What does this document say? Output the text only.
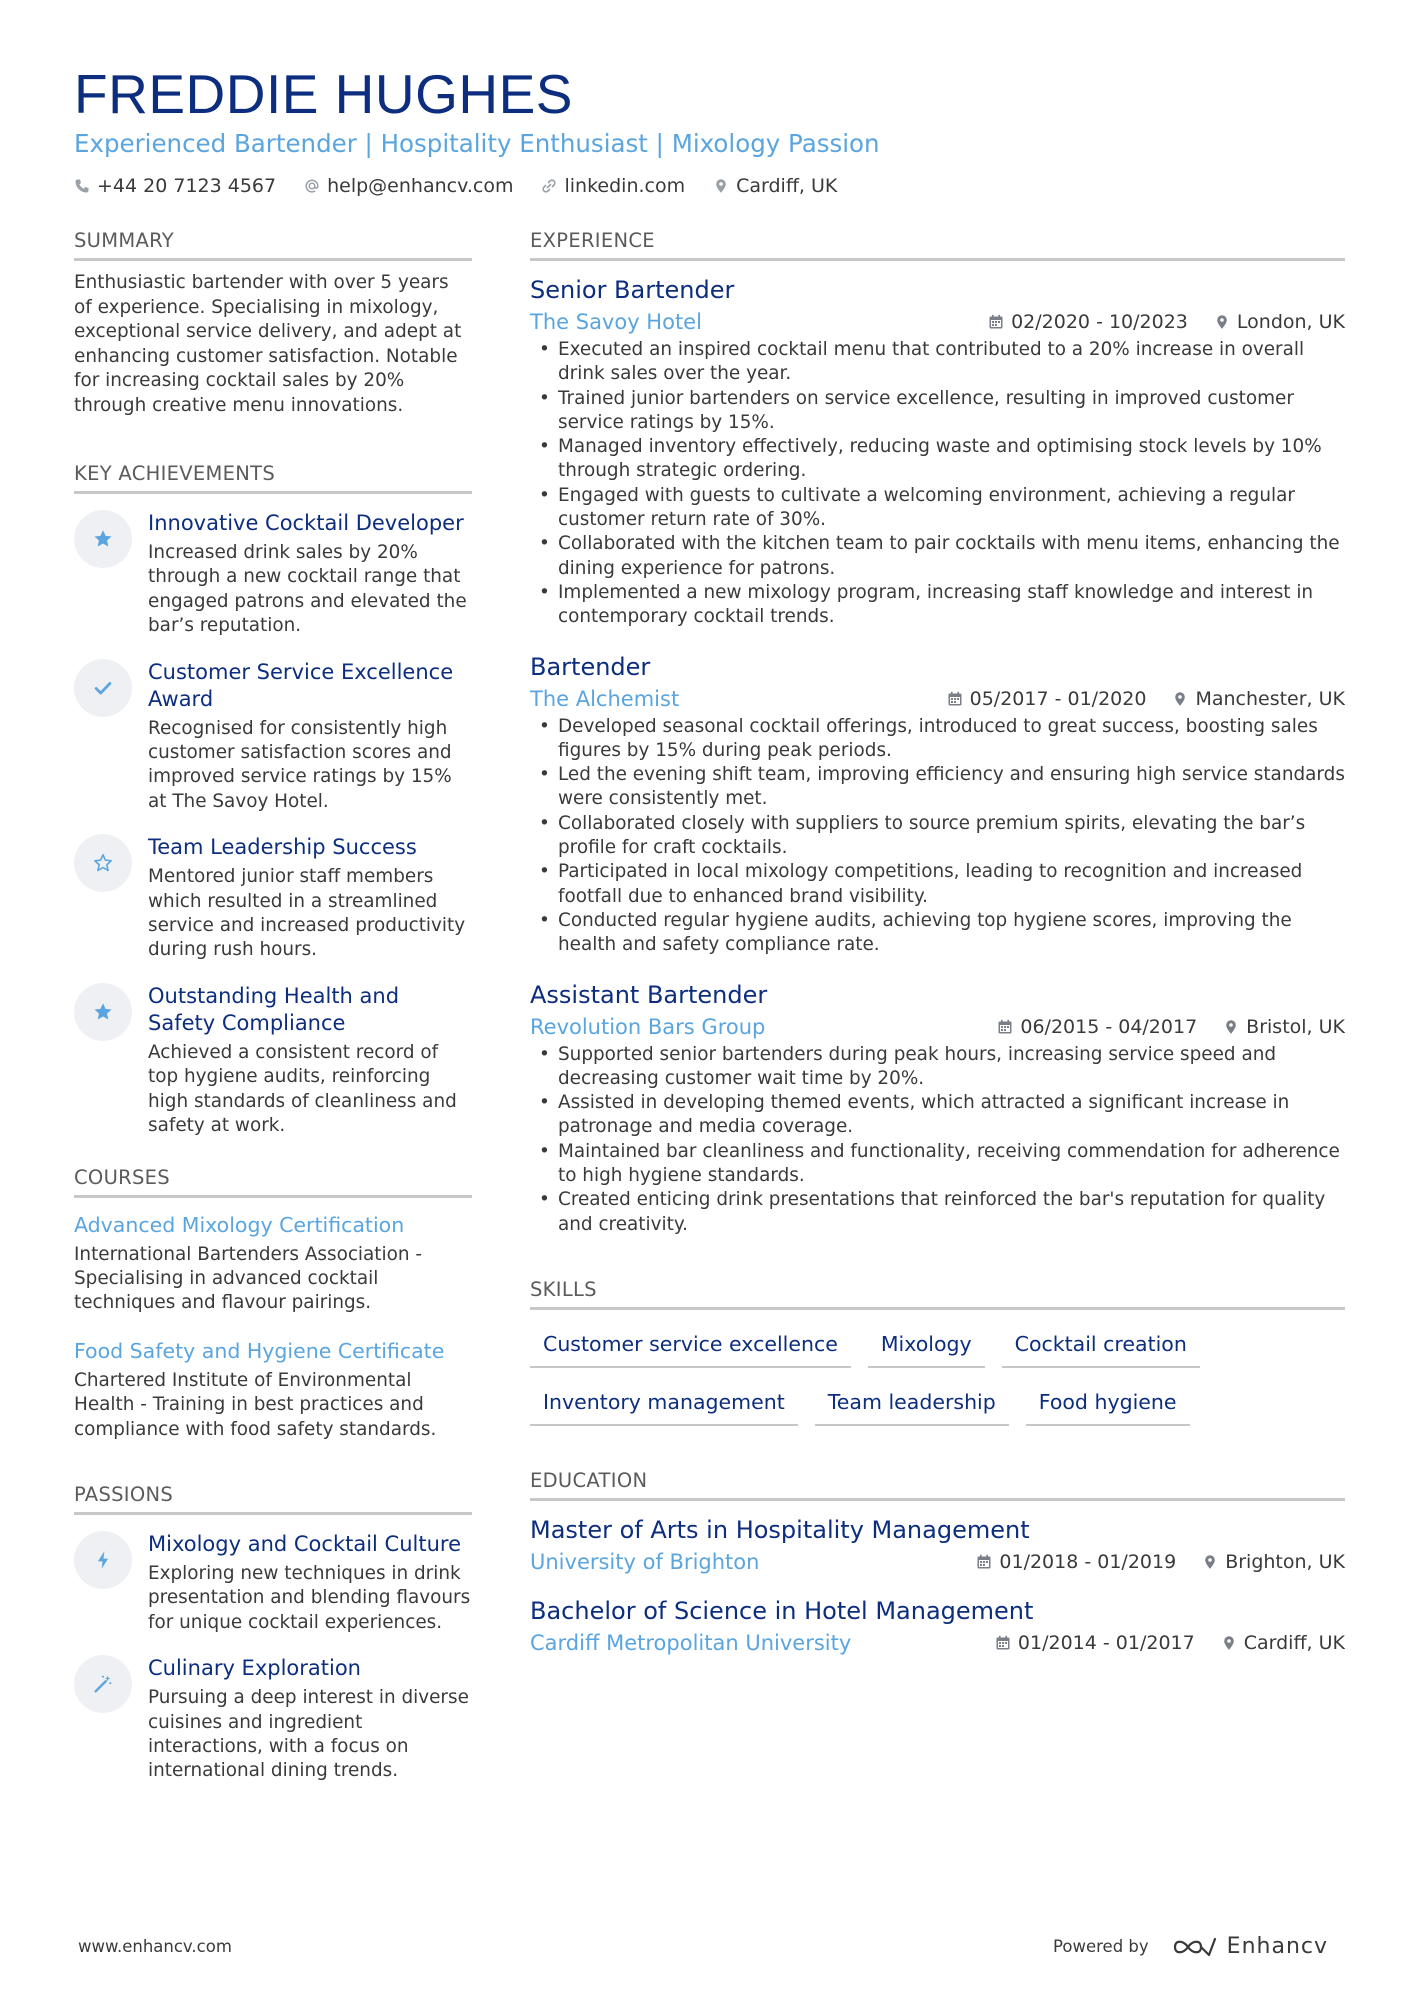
FREDDIE HUGHES
Experienced Bartender | Hospitality Enthusiast | Mixology Passion
+44 20 7123 4567	help@enhancv.com	linkedin.com	Cardiff, UK
SUMMARY
Enthusiastic bartender with over 5 years of experience. Specialising in mixology, exceptional service delivery, and adept at enhancing customer satisfaction. Notable for increasing cocktail sales by 20% through creative menu innovations.
KEY ACHIEVEMENTS
Innovative Cocktail Developer
Increased drink sales by 20% through a new cocktail range that engaged patrons and elevated the bar’s reputation.
Customer Service Excellence Award
Recognised for consistently high customer satisfaction scores and improved service ratings by 15% at The Savoy Hotel.
Team Leadership Success
Mentored junior staff members which resulted in a streamlined service and increased productivity during rush hours.
Outstanding Health and Safety Compliance
Achieved a consistent record of top hygiene audits, reinforcing high standards of cleanliness and safety at work.
COURSES
Advanced Mixology Certification
International Bartenders Association - Specialising in advanced cocktail techniques and flavour pairings.
Food Safety and Hygiene Certificate
Chartered Institute of Environmental Health - Training in best practices and compliance with food safety standards.
PASSIONS
Mixology and Cocktail Culture
Exploring new techniques in drink presentation and blending flavours for unique cocktail experiences.
Culinary Exploration
Pursuing a deep interest in diverse cuisines and ingredient interactions, with a focus on international dining trends.
EXPERIENCE
Senior Bartender
The Savoy Hotel	02/2020 - 10/2023	London, UK
• Executed an inspired cocktail menu that contributed to a 20% increase in overall drink sales over the year.
• Trained junior bartenders on service excellence, resulting in improved customer service ratings by 15%.
• Managed inventory effectively, reducing waste and optimising stock levels by 10% through strategic ordering.
• Engaged with guests to cultivate a welcoming environment, achieving a regular customer return rate of 30%.
• Collaborated with the kitchen team to pair cocktails with menu items, enhancing the dining experience for patrons.
• Implemented a new mixology program, increasing staff knowledge and interest in contemporary cocktail trends.
Bartender
The Alchemist	05/2017 - 01/2020	Manchester, UK
• Developed seasonal cocktail offerings, introduced to great success, boosting sales figures by 15% during peak periods.
• Led the evening shift team, improving efficiency and ensuring high service standards were consistently met.
• Collaborated closely with suppliers to source premium spirits, elevating the bar’s profile for craft cocktails.
• Participated in local mixology competitions, leading to recognition and increased footfall due to enhanced brand visibility.
• Conducted regular hygiene audits, achieving top hygiene scores, improving the health and safety compliance rate.
Assistant Bartender
Revolution Bars Group	06/2015 - 04/2017	Bristol, UK
• Supported senior bartenders during peak hours, increasing service speed and decreasing customer wait time by 20%.
• Assisted in developing themed events, which attracted a significant increase in patronage and media coverage.
• Maintained bar cleanliness and functionality, receiving commendation for adherence to high hygiene standards.
• Created enticing drink presentations that reinforced the bar's reputation for quality and creativity.
SKILLS
Customer service excellence	Mixology	Cocktail creation
Inventory management	Team leadership	Food hygiene
EDUCATION
Master of Arts in Hospitality Management
University of Brighton	01/2018 - 01/2019	Brighton, UK
Bachelor of Science in Hotel Management
Cardiff Metropolitan University	01/2014 - 01/2017	Cardiff, UK
www.enhancv.com	Powered by	Enhancv
